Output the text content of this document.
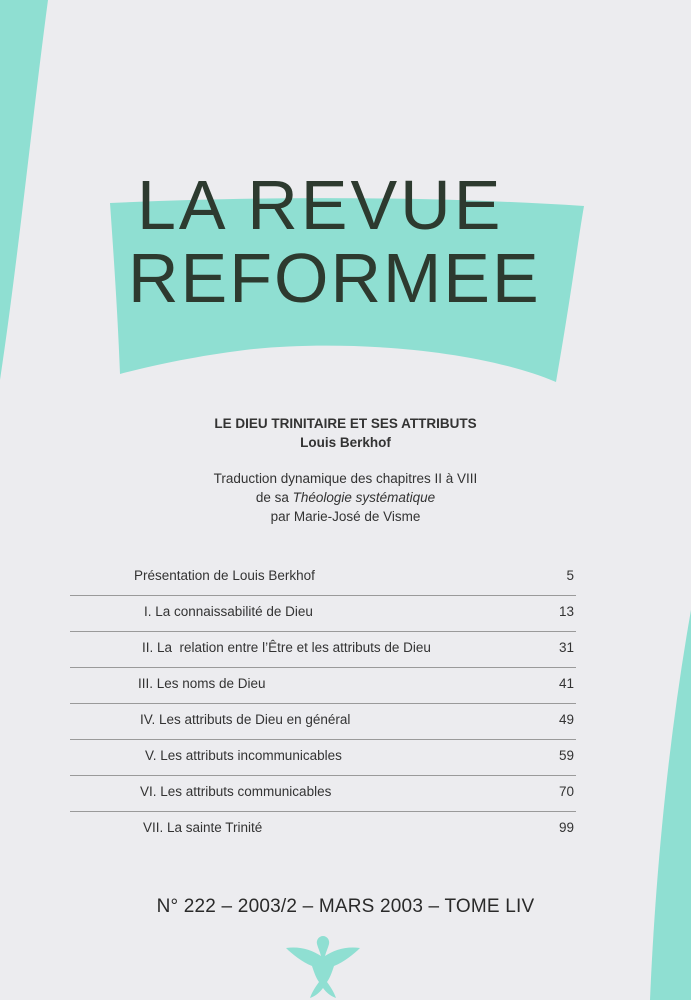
LA REVUE
REFORMEE
LE DIEU TRINITAIRE ET SES ATTRIBUTS
Louis Berkhof
Traduction dynamique des chapitres II à VIII
de sa Théologie systématique
par Marie-José de Visme
Présentation de Louis Berkhof	5
I. La connaissabilité de Dieu	13
II. La  relation entre l’Être et les attributs de Dieu	31
III. Les noms de Dieu	41
IV. Les attributs de Dieu en général	49
V. Les attributs incommunicables	59
VI. Les attributs communicables	70
VII. La sainte Trinité	99
N° 222 – 2003/2 – MARS 2003 – TOME LIV
